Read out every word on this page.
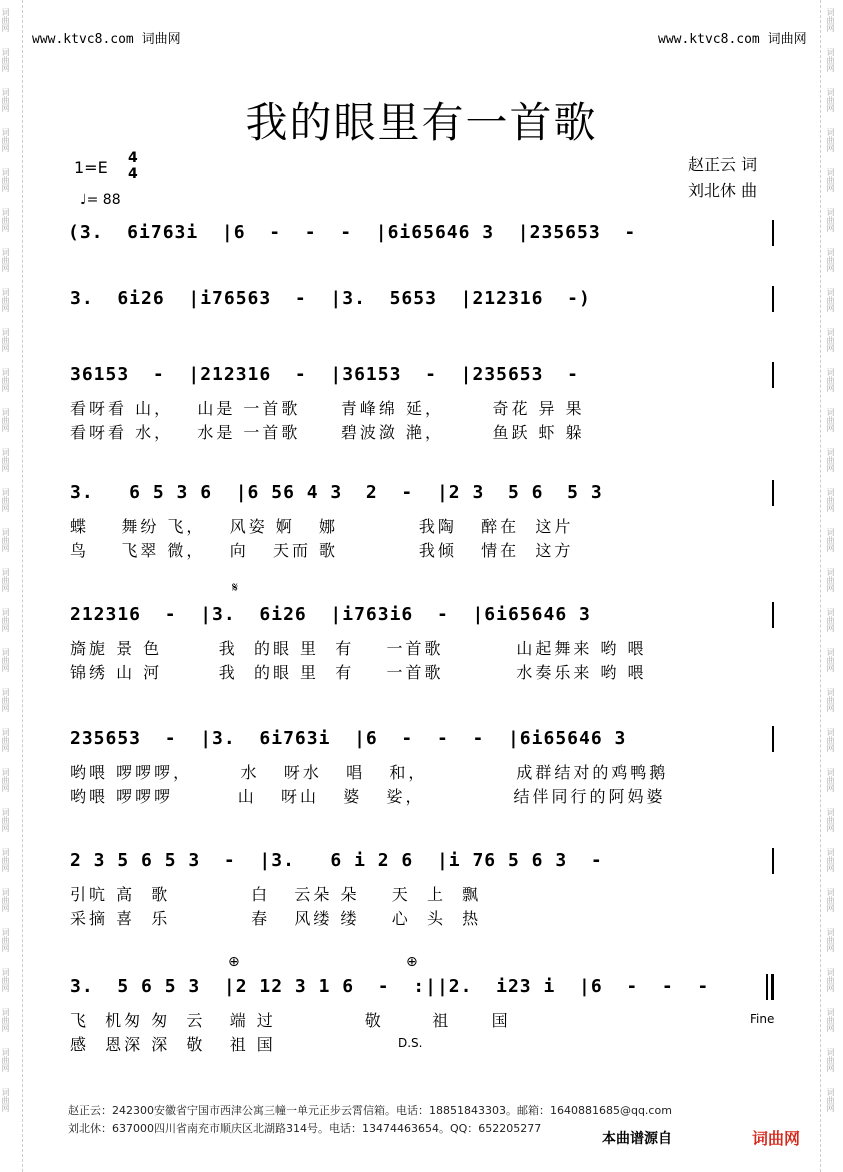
词曲网
词曲网
词曲网
词曲网
词曲网
词曲网
词曲网
词曲网
词曲网
词曲网
词曲网
词曲网
词曲网
词曲网
词曲网
词曲网
词曲网
词曲网
词曲网
词曲网
词曲网
词曲网
词曲网
词曲网
词曲网
词曲网
词曲网
词曲网
词曲网
词曲网
词曲网
词曲网
词曲网
词曲网
词曲网
词曲网
词曲网
词曲网
词曲网
词曲网
词曲网
词曲网
词曲网
词曲网
词曲网
词曲网
词曲网
词曲网
词曲网
词曲网
词曲网
词曲网
词曲网
词曲网
词曲网
词曲网
www.ktvc8.com 词曲网	www.ktvc8.com 词曲网
我的眼里有一首歌
赵正云 词
刘北休 曲
1=E 4
4
♩= 88
(3.  6i763i  |6  -  -  -  |6i65646 3  |235653  -
3.  6i26  |i76563  -  |3.  5653  |212316  -)
36153  -  |212316  -  |36153  -  |235653  -
看呀看 山，   山是 一首歌     青峰绵 延，      奇花 异 果
看呀看 水，   水是 一首歌     碧波潋 滟，      鱼跃 虾 躲
3.   6 5 3 6  |6 56 4 3  2  -  |2 3  5 6  5 3
蝶    舞纷 飞，   风姿 婀   娜          我陶   醉在  这片
鸟    飞翠 微，   向   天而 歌          我倾   情在  这方
𝄋
212316  -  |3.  6i26  |i763i6  -  |6i65646 3
旖旎 景 色       我  的眼 里  有    一首歌         山起舞来 哟 喂
锦绣 山 河       我  的眼 里  有    一首歌         水奏乐来 哟 喂
235653  -  |3.  6i763i  |6  -  -  -  |6i65646 3
哟喂 啰啰啰，      水   呀水   唱   和，           成群结对的鸡鸭鹅
哟喂 啰啰啰        山   呀山   婆   娑，           结伴同行的阿妈婆
2 3 5 6 5 3  -  |3.   6 i 2 6  |i 76 5 6 3  -
引吭 高  歌          白   云朵 朵    天  上  飘
采摘 喜  乐          春   风缕 缕    心  头  热
⊕	⊕
3.  5 6 5 3  |2 12 3 1 6  -  :||2.  i23 i  |6  -  -  -
飞  机匆 匆  云   端 过           敬      祖     国
感  恩深 深  敬   祖 国
Fine
D.S.
赵正云：242300安徽省宁国市西津公寓三幢一单元正步云霄信箱。电话：18851843303。邮箱：1640881685@qq.com
刘北休：637000四川省南充市顺庆区北湖路314号。电话：13474463654。QQ：652205277
本曲谱源自	词曲网
